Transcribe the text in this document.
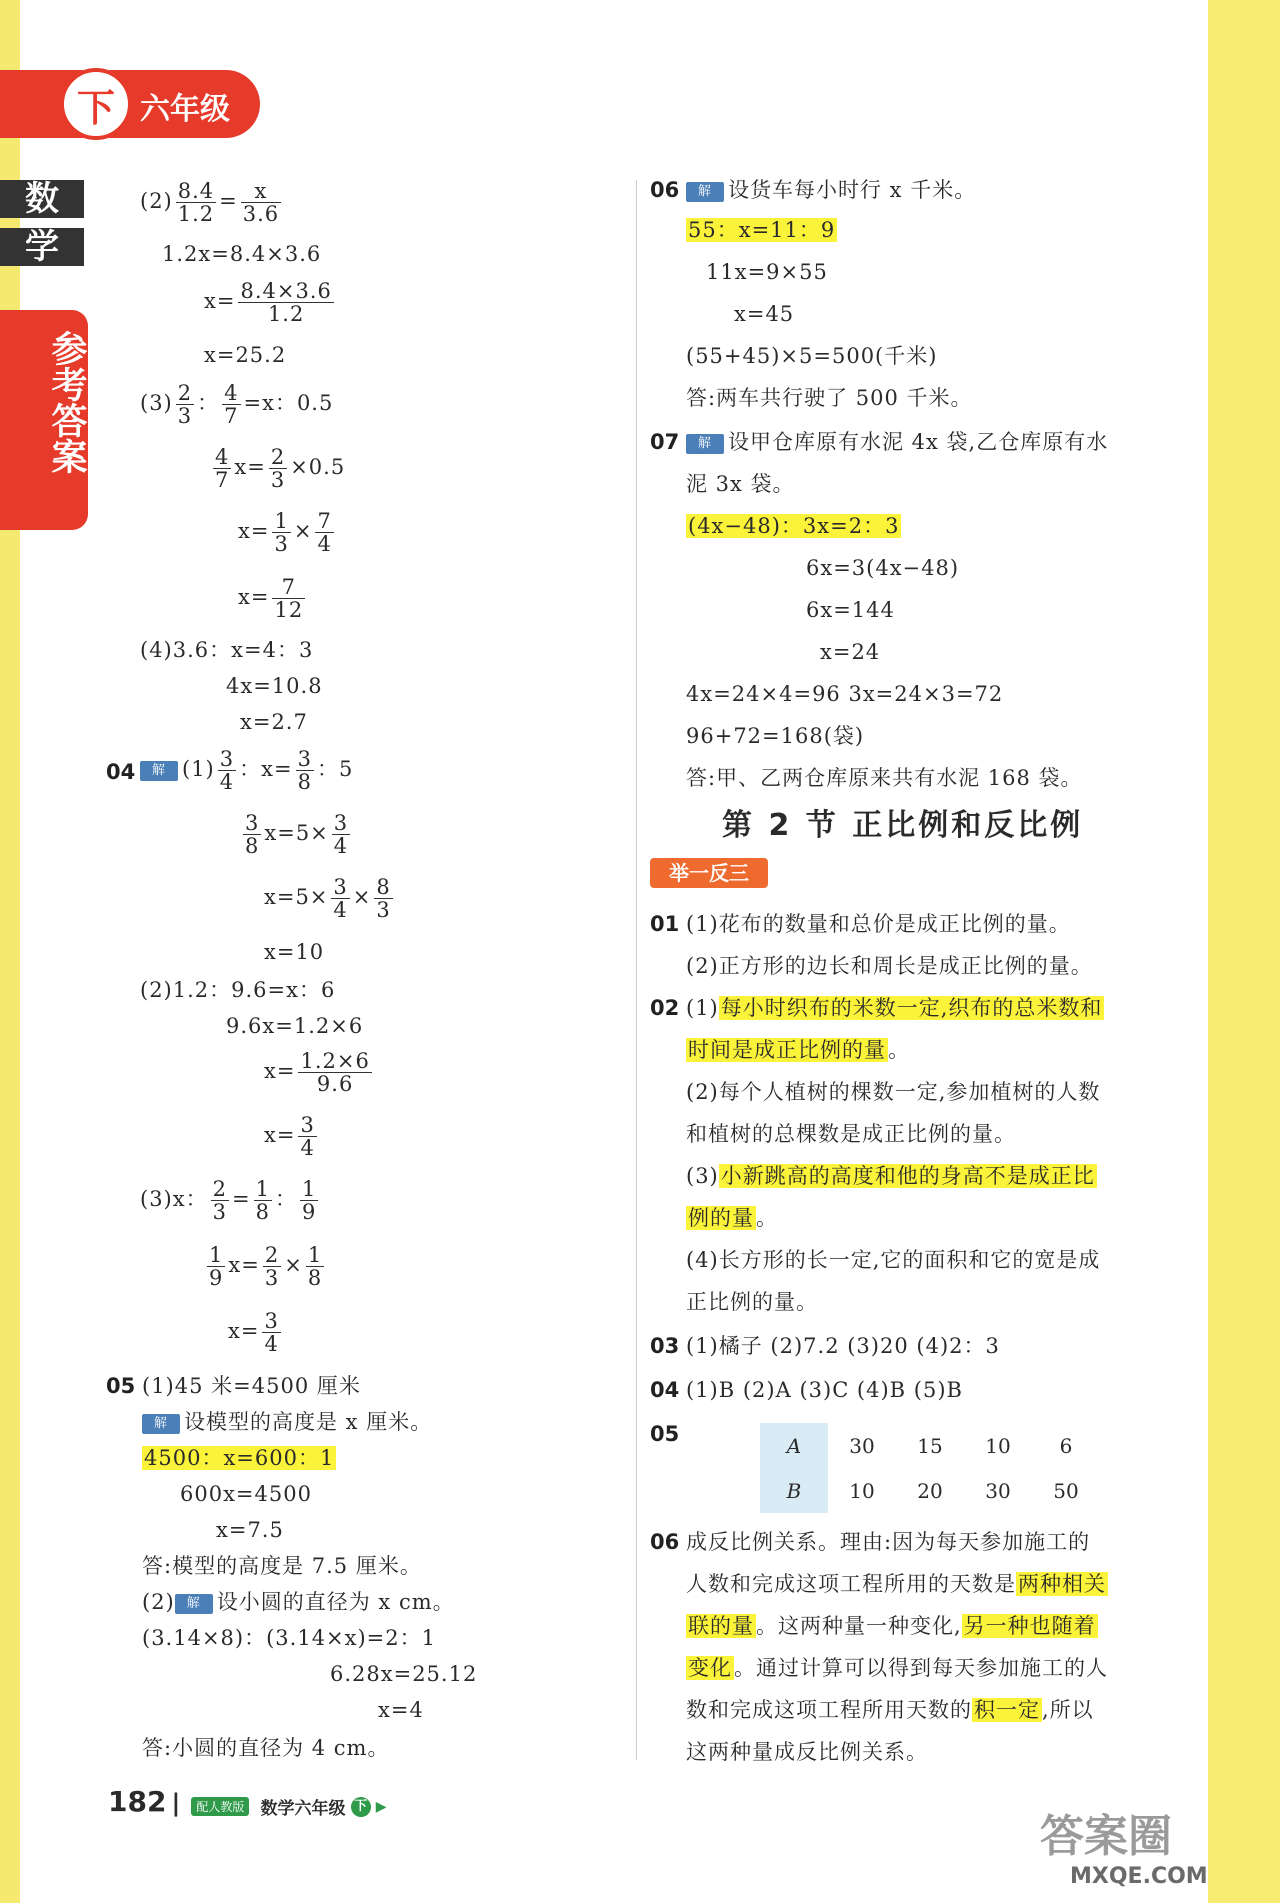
下 六年级
数
学
参考答案
$(2) \frac{8.4}{1.2} = \frac{x}{3.6}$
1.2x=8.4×3.6
$x= \frac{8.4\times 3.6}{1.2}$
x=25.2
$(3) \frac{2}{3}$ ： $\frac{4}{7} =x$：0.5
$\frac{4}{7} x= \frac{2}{3} \times 0.5$
$x= \frac{1}{3} \times \frac{7}{4}$
$x= \frac{7}{12}$
(4)3.6：x=4：3
4x=10.8
x=2.7
04	解 $(1) \frac{3}{4}$ ：$x= \frac{3}{8}$ ：5
$\frac{3}{8} x=5\times \frac{3}{4}$
$x=5\times \frac{3}{4} \times \frac{8}{3}$
x=10
(2)1.2：9.6=x：6
9.6x=1.2×6
$x= \frac{1.2\times 6}{9.6}$
$x= \frac{3}{4}$
(3)x： $\frac{2}{3} = \frac{1}{8}$ ： $\frac{1}{9}$
$\frac{1}{9} x= \frac{2}{3} \times \frac{1}{8}$
$x= \frac{3}{4}$
05 (1)45 米=4500 厘米
解 设模型的高度是 x 厘米。
4500：x=600：1
600x=4500
x=7.5
答:模型的高度是 7.5 厘米。
(2) 解 设小圆的直径为 x cm。
(3.14×8)：(3.14×x)=2：1
6.28x=25.12
x=4
答:小圆的直径为 4 cm。
06	解 设货车每小时行 x 千米。
55：x=11：9
11x=9×55
x=45
(55+45)×5=500(千米)
答:两车共行驶了 500 千米。
07	解 设甲仓库原有水泥 4x 袋,乙仓库原有水
泥 3x 袋。
(4x−48)：3x=2：3
6x=3(4x−48)
6x=144
x=24
4x=24×4=96 3x=24×3=72
96+72=168(袋)
答:甲、乙两仓库原来共有水泥 168 袋。
第 2 节 正比例和反比例
举一反三
01 (1)花布的数量和总价是成正比例的量。
(2)正方形的边长和周长是成正比例的量。
02 (1)每小时织布的米数一定,织布的总米数和
时间是成正比例的量。
(2)每个人植树的棵数一定,参加植树的人数
和植树的总棵数是成正比例的量。
(3)小新跳高的高度和他的身高不是成正比
例的量。
(4)长方形的长一定,它的面积和它的宽是成
正比例的量。
03 (1)橘子 (2)7.2 (3)20 (4)2：3
04 (1)B (2)A (3)C (4)B (5)B
05	A	30	15	10	6
B	10	20	30	50
06 成反比例关系。理由:因为每天参加施工的
人数和完成这项工程所用的天数是两种相关
联的量。这两种量一种变化,另一种也随着
变化。通过计算可以得到每天参加施工的人
数和完成这项工程所用天数的积一定,所以
这两种量成反比例关系。
182 | 配人教版 数学六年级 下 ▶
答案圈
MXQE.COM
